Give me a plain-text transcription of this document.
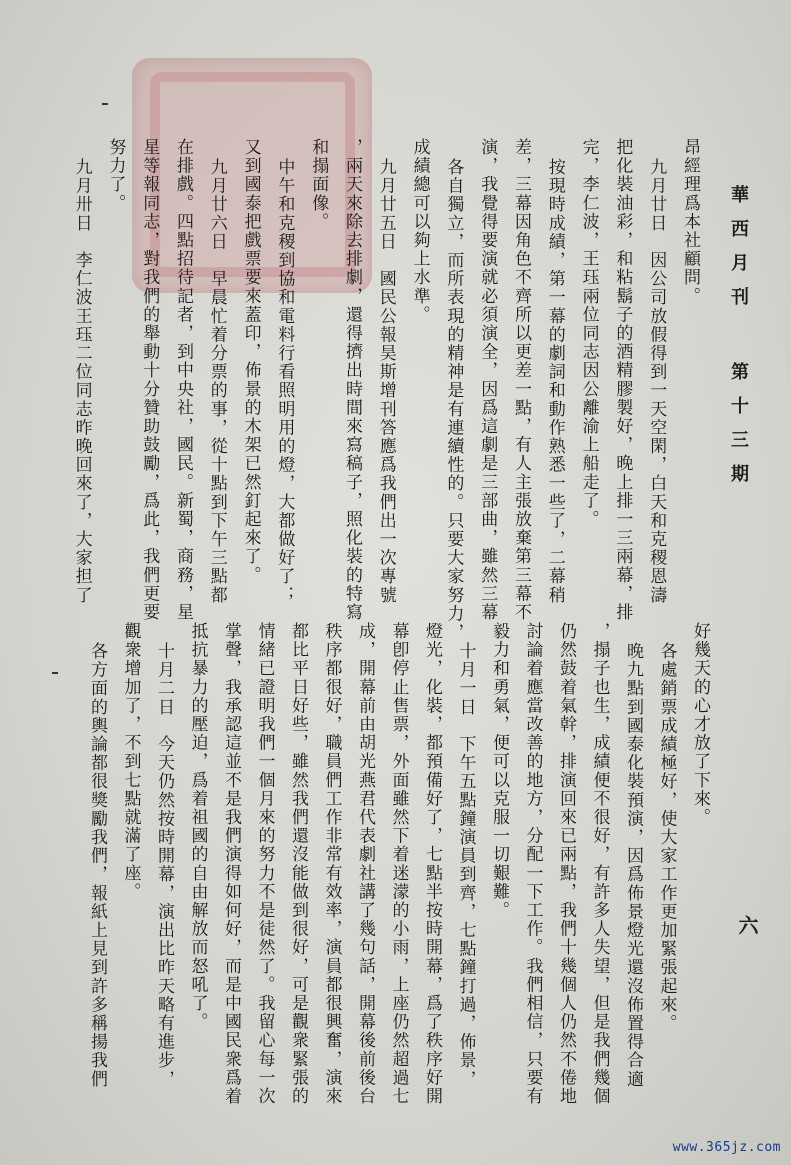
華西月刊
第十三期
六
昂經理爲本社顧問。
九月廿日　因公司放假得到一天空閑，白天和克稷恩濤
把化裝油彩，和粘鬍子的酒精膠製好，晚上排一三兩幕，排
完，李仁波，王珏兩位同志因公離渝上船走了。
按現時成績，第一幕的劇詞和動作熟悉一些了，二幕稍
差，三幕因角色不齊所以更差一點，有人主張放棄第三幕不
演，我覺得要演就必須演全，因爲這劇是三部曲，雖然三幕
各自獨立，而所表現的精神是有連續性的。只要大家努力，
成績總可以夠上水準。
九月廿五日　國民公報昊斯增刊答應爲我們出一次專號
，兩天來除去排劇，還得擠出時間來寫稿子，照化裝的特寫
和搨面像。
中午和克稷到協和電料行看照明用的燈，大都做好了；
又到國泰把戲票要來蓋印，佈景的木架已然釘起來了。
九月廿六日　早晨忙着分票的事，從十點到下午三點都
在排戲。四點招待記者，到中央社，國民。新蜀，商務，星
星等報同志，對我們的舉動十分贊助鼓勵，爲此，我們更要
努力了。
九月卅日　李仁波王珏二位同志昨晚回來了，大家担了
好幾天的心才放了下來。
各處銷票成績極好，使大家工作更加緊張起來。
晚九點到國泰化裝預演，因爲佈景燈光還沒佈置得合適
，搨子也生，成績便不很好，有許多人失望，但是我們幾個
仍然鼓着氣幹，排演回來已兩點，我們十幾個人仍然不倦地
討論着應當改善的地方，分配一下工作。我們相信，只要有
毅力和勇氣，便可以克服一切艱難。
十月一日　下午五點鐘演員到齊，七點鐘打過，佈景，
燈光，化裝，都預備好了，七點半按時開幕，爲了秩序好開
幕卽停止售票，外面雖然下着迷濛的小雨，上座仍然超過七
成，開幕前由胡光燕君代表劇社講了幾句話，開幕後前後台
秩序都很好，職員們工作非常有效率，演員都很興奮，演來
都比平日好些，雖然我們還沒能做到很好，可是觀衆緊張的
情緒已證明我們一個月來的努力不是徒然了。我留心每一次
掌聲，我承認這並不是我們演得如何好，而是中國民衆爲着
抵抗暴力的壓迫，爲着祖國的自由解放而怒吼了。
十月二日　今天仍然按時開幕，演出比昨天略有進步，
觀衆增加了，不到七點就滿了座。
各方面的輿論都很獎勵我們，報紙上見到許多稱揚我們
www.365jz.com
